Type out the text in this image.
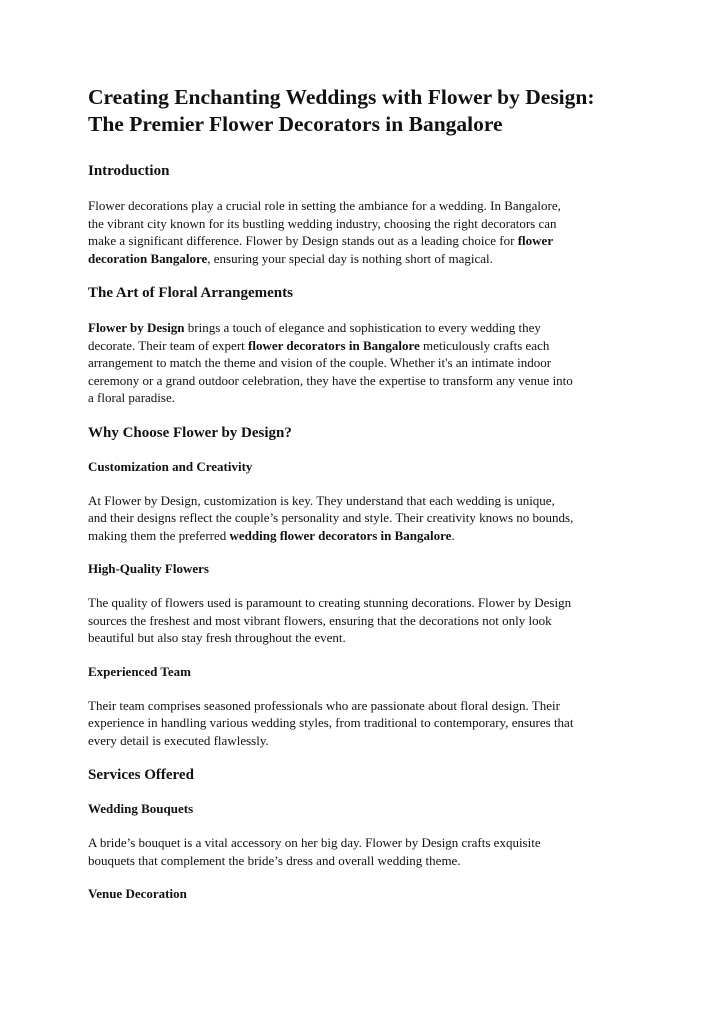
Creating Enchanting Weddings with Flower by Design:
The Premier Flower Decorators in Bangalore
Introduction

Flower decorations play a crucial role in setting the ambiance for a wedding. In Bangalore,
the vibrant city known for its bustling wedding industry, choosing the right decorators can
make a significant difference. Flower by Design stands out as a leading choice for flower
decoration Bangalore, ensuring your special day is nothing short of magical.

The Art of Floral Arrangements

Flower by Design brings a touch of elegance and sophistication to every wedding they
decorate. Their team of expert flower decorators in Bangalore meticulously crafts each
arrangement to match the theme and vision of the couple. Whether it's an intimate indoor
ceremony or a grand outdoor celebration, they have the expertise to transform any venue into
a floral paradise.

Why Choose Flower by Design?
Customization and Creativity

At Flower by Design, customization is key. They understand that each wedding is unique,
and their designs reflect the couple’s personality and style. Their creativity knows no bounds,
making them the preferred wedding flower decorators in Bangalore.

High-Quality Flowers

The quality of flowers used is paramount to creating stunning decorations. Flower by Design
sources the freshest and most vibrant flowers, ensuring that the decorations not only look
beautiful but also stay fresh throughout the event.

Experienced Team

Their team comprises seasoned professionals who are passionate about floral design. Their
experience in handling various wedding styles, from traditional to contemporary, ensures that
every detail is executed flawlessly.

Services Offered
Wedding Bouquets

A bride’s bouquet is a vital accessory on her big day. Flower by Design crafts exquisite
bouquets that complement the bride’s dress and overall wedding theme.

Venue Decoration
